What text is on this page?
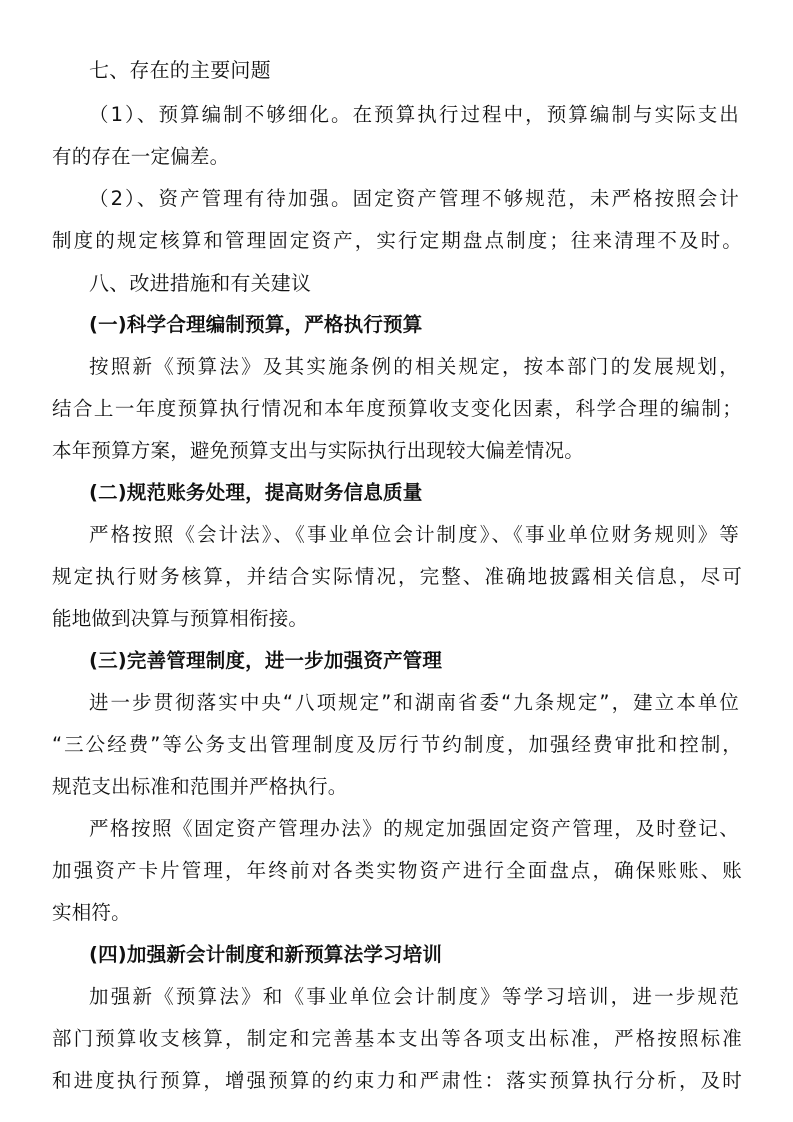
七、存在的主要问题
（1）、预算编制不够细化。在预算执行过程中，预算编制与实际支出
有的存在一定偏差。
（2）、资产管理有待加强。固定资产管理不够规范，未严格按照会计
制度的规定核算和管理固定资产，实行定期盘点制度；往来清理不及时。
八、改进措施和有关建议
(一)科学合理编制预算，严格执行预算
按照新《预算法》及其实施条例的相关规定，按本部门的发展规划，
结合上一年度预算执行情况和本年度预算收支变化因素，科学合理的编制；
本年预算方案，避免预算支出与实际执行出现较大偏差情况。
(二)规范账务处理，提高财务信息质量
严格按照《会计法》、《事业单位会计制度》、《事业单位财务规则》等
规定执行财务核算，并结合实际情况，完整、准确地披露相关信息，尽可
能地做到决算与预算相衔接。
(三)完善管理制度，进一步加强资产管理
进一步贯彻落实中央“八项规定”和湖南省委“九条规定”，建立本单位
“三公经费”等公务支出管理制度及厉行节约制度，加强经费审批和控制，
规范支出标准和范围并严格执行。
严格按照《固定资产管理办法》的规定加强固定资产管理，及时登记、
加强资产卡片管理，年终前对各类实物资产进行全面盘点，确保账账、账
实相符。
(四)加强新会计制度和新预算法学习培训
加强新《预算法》和《事业单位会计制度》等学习培训，进一步规范
部门预算收支核算，制定和完善基本支出等各项支出标准，严格按照标准
和进度执行预算，增强预算的约束力和严肃性：落实预算执行分析，及时
